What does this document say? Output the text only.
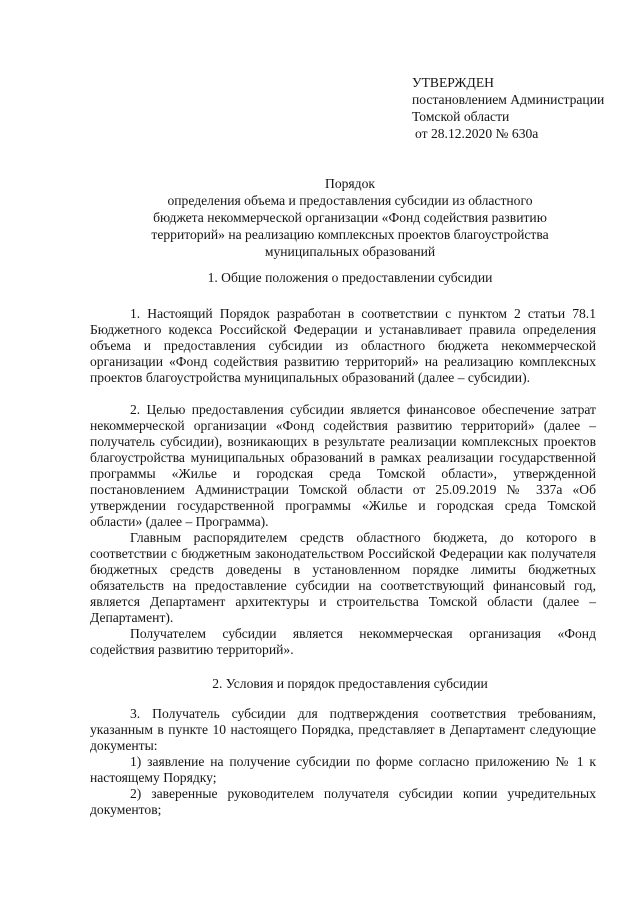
УТВЕРЖДЕН
постановлением Администрации
Томской области
от 28.12.2020 № 630а
Порядок
определения объема и предоставления субсидии из областного
бюджета некоммерческой организации «Фонд содействия развитию
территорий» на реализацию комплексных проектов благоустройства
муниципальных образований
1. Общие положения о предоставлении субсидии

1. Настоящий Порядок разработан в соответствии с пунктом 2 статьи 78.1 Бюджетного кодекса Российской Федерации и устанавливает правила определения объема и предоставления субсидии из областного бюджета некоммерческой организации «Фонд содействия развитию территорий» на реализацию комплексных проектов благоустройства муниципальных образований (далее – субсидии).

2. Целью предоставления субсидии является финансовое обеспечение затрат некоммерческой организации «Фонд содействия развитию территорий» (далее – получатель субсидии), возникающих в результате реализации комплексных проектов благоустройства муниципальных образований в рамках реализации государственной программы «Жилье и городская среда Томской области», утвержденной постановлением Администрации Томской области от 25.09.2019 № 337а «Об утверждении государственной программы «Жилье и городская среда Томской области» (далее – Программа).

Главным распорядителем средств областного бюджета, до которого в соответствии с бюджетным законодательством Российской Федерации как получателя бюджетных средств доведены в установленном порядке лимиты бюджетных обязательств на предоставление субсидии на соответствующий финансовый год, является Департамент архитектуры и строительства Томской области (далее – Департамент).

Получателем субсидии является некоммерческая организация «Фонд содействия развитию территорий».

2. Условия и порядок предоставления субсидии

3. Получатель субсидии для подтверждения соответствия требованиям, указанным в пункте 10 настоящего Порядка, представляет в Департамент следующие документы:

1) заявление на получение субсидии по форме согласно приложению № 1 к настоящему Порядку;

2) заверенные руководителем получателя субсидии копии учредительных документов;
